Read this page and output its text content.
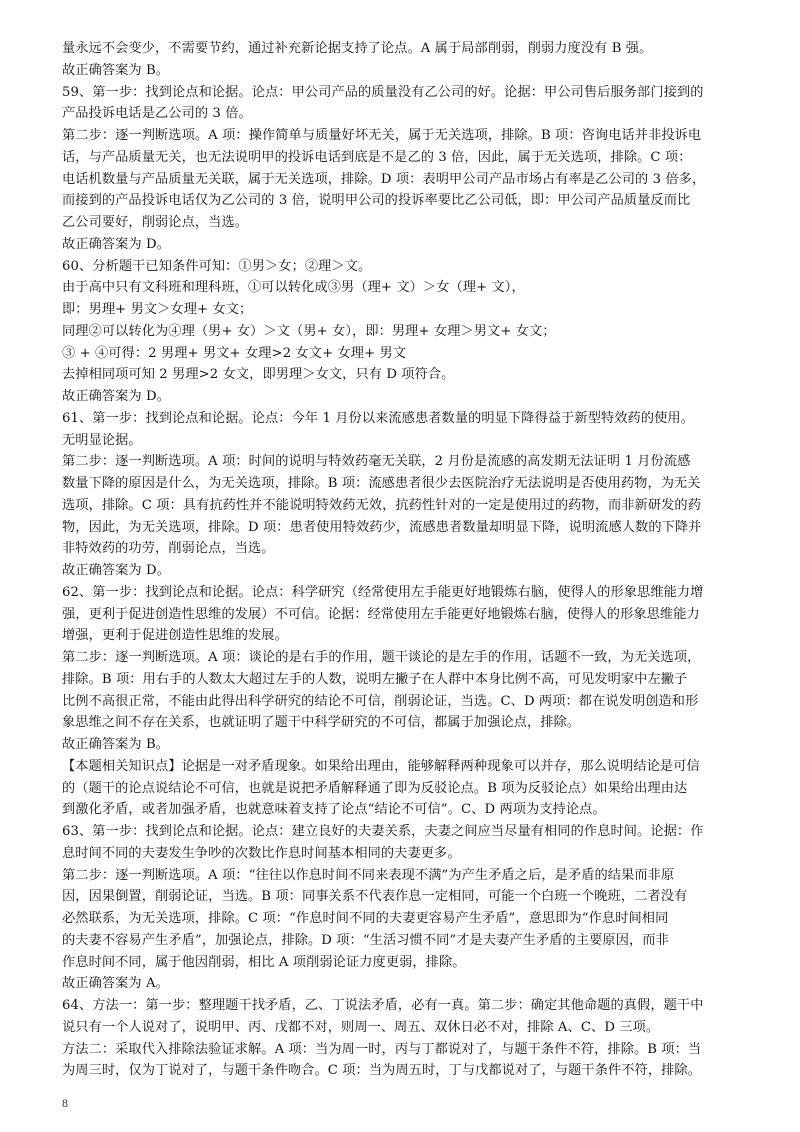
量永远不会变少，不需要节约，通过补充新论据支持了论点。A 属于局部削弱，削弱力度没有 B 强。
故正确答案为 B。
59、第一步：找到论点和论据。论点：甲公司产品的质量没有乙公司的好。论据：甲公司售后服务部门接到的
产品投诉电话是乙公司的 3 倍。
第二步：逐一判断选项。A 项：操作简单与质量好坏无关，属于无关选项，排除。B 项：咨询电话并非投诉电
话，与产品质量无关，也无法说明甲的投诉电话到底是不是乙的 3 倍，因此，属于无关选项，排除。C 项：
电话机数量与产品质量无关联，属于无关选项，排除。D 项：表明甲公司产品市场占有率是乙公司的 3 倍多，
而接到的产品投诉电话仅为乙公司的 3 倍，说明甲公司的投诉率要比乙公司低，即：甲公司产品质量反而比
乙公司要好，削弱论点，当选。
故正确答案为 D。
60、分析题干已知条件可知：①男＞女；②理＞文。
由于高中只有文科班和理科班，①可以转化成③男（理+ 文）＞女（理+ 文），
即：男理+ 男文＞女理+ 女文；
同理②可以转化为④理（男+ 女）＞文（男+ 女），即：男理+ 女理＞男文+ 女文；
③ + ④可得：2 男理+ 男文+ 女理>2 女文+ 女理+ 男文
去掉相同项可知 2 男理>2 女文，即男理＞女文，只有 D 项符合。
故正确答案为 D。
61、第一步：找到论点和论据。论点：今年 1 月份以来流感患者数量的明显下降得益于新型特效药的使用。
无明显论据。
第二步：逐一判断选项。A 项：时间的说明与特效药毫无关联，2 月份是流感的高发期无法证明 1 月份流感
数量下降的原因是什么，为无关选项，排除。B 项：流感患者很少去医院治疗无法说明是否使用药物，为无关
选项，排除。C 项：具有抗药性并不能说明特效药无效，抗药性针对的一定是使用过的药物，而非新研发的药
物，因此，为无关选项，排除。D 项：患者使用特效药少，流感患者数量却明显下降，说明流感人数的下降并
非特效药的功劳，削弱论点，当选。
故正确答案为 D。
62、第一步：找到论点和论据。论点：科学研究（经常使用左手能更好地锻炼右脑，使得人的形象思维能力增
强，更利于促进创造性思维的发展）不可信。论据：经常使用左手能更好地锻炼右脑，使得人的形象思维能力
增强，更利于促进创造性思维的发展。
第二步：逐一判断选项。A 项：谈论的是右手的作用，题干谈论的是左手的作用，话题不一致，为无关选项，
排除。B 项：用右手的人数太大超过左手的人数，说明左撇子在人群中本身比例不高，可见发明家中左撇子
比例不高很正常，不能由此得出科学研究的结论不可信，削弱论证，当选。C、D 两项：都在说发明创造和形
象思维之间不存在关系，也就证明了题干中科学研究的不可信，都属于加强论点，排除。
故正确答案为 B。
【本题相关知识点】论据是一对矛盾现象。如果给出理由，能够解释两种现象可以并存，那么说明结论是可信
的（题干的论点说结论不可信，也就是说把矛盾解释通了即为反驳论点。B 项为反驳论点）如果给出理由达
到激化矛盾，或者加强矛盾，也就意味着支持了论点“结论不可信”。C、D 两项为支持论点。
63、第一步：找到论点和论据。论点：建立良好的夫妻关系，夫妻之间应当尽量有相同的作息时间。论据：作
息时间不同的夫妻发生争吵的次数比作息时间基本相同的夫妻更多。
第二步：逐一判断选项。A 项：“往往以作息时间不同来表现不满”为产生矛盾之后，是矛盾的结果而非原
因，因果倒置，削弱论证，当选。B 项：同事关系不代表作息一定相同，可能一个白班一个晚班，二者没有
必然联系，为无关选项，排除。C 项：“作息时间不同的夫妻更容易产生矛盾”，意思即为“作息时间相同
的夫妻不容易产生矛盾”，加强论点，排除。D 项：“生活习惯不同”才是夫妻产生矛盾的主要原因，而非
作息时间不同，属于他因削弱，相比 A 项削弱论证力度更弱，排除。
故正确答案为 A。
64、方法一：第一步：整理题干找矛盾，乙、丁说法矛盾，必有一真。第二步：确定其他命题的真假，题干中
说只有一个人说对了，说明甲、丙、戊都不对，则周一、周五、双休日必不对，排除 A、C、D 三项。
方法二：采取代入排除法验证求解。A 项：当为周一时，丙与丁都说对了，与题干条件不符，排除。B 项：当
为周三时，仅为丁说对了，与题干条件吻合。C 项：当为周五时，丁与戊都说对了，与题干条件不符，排除。
8
